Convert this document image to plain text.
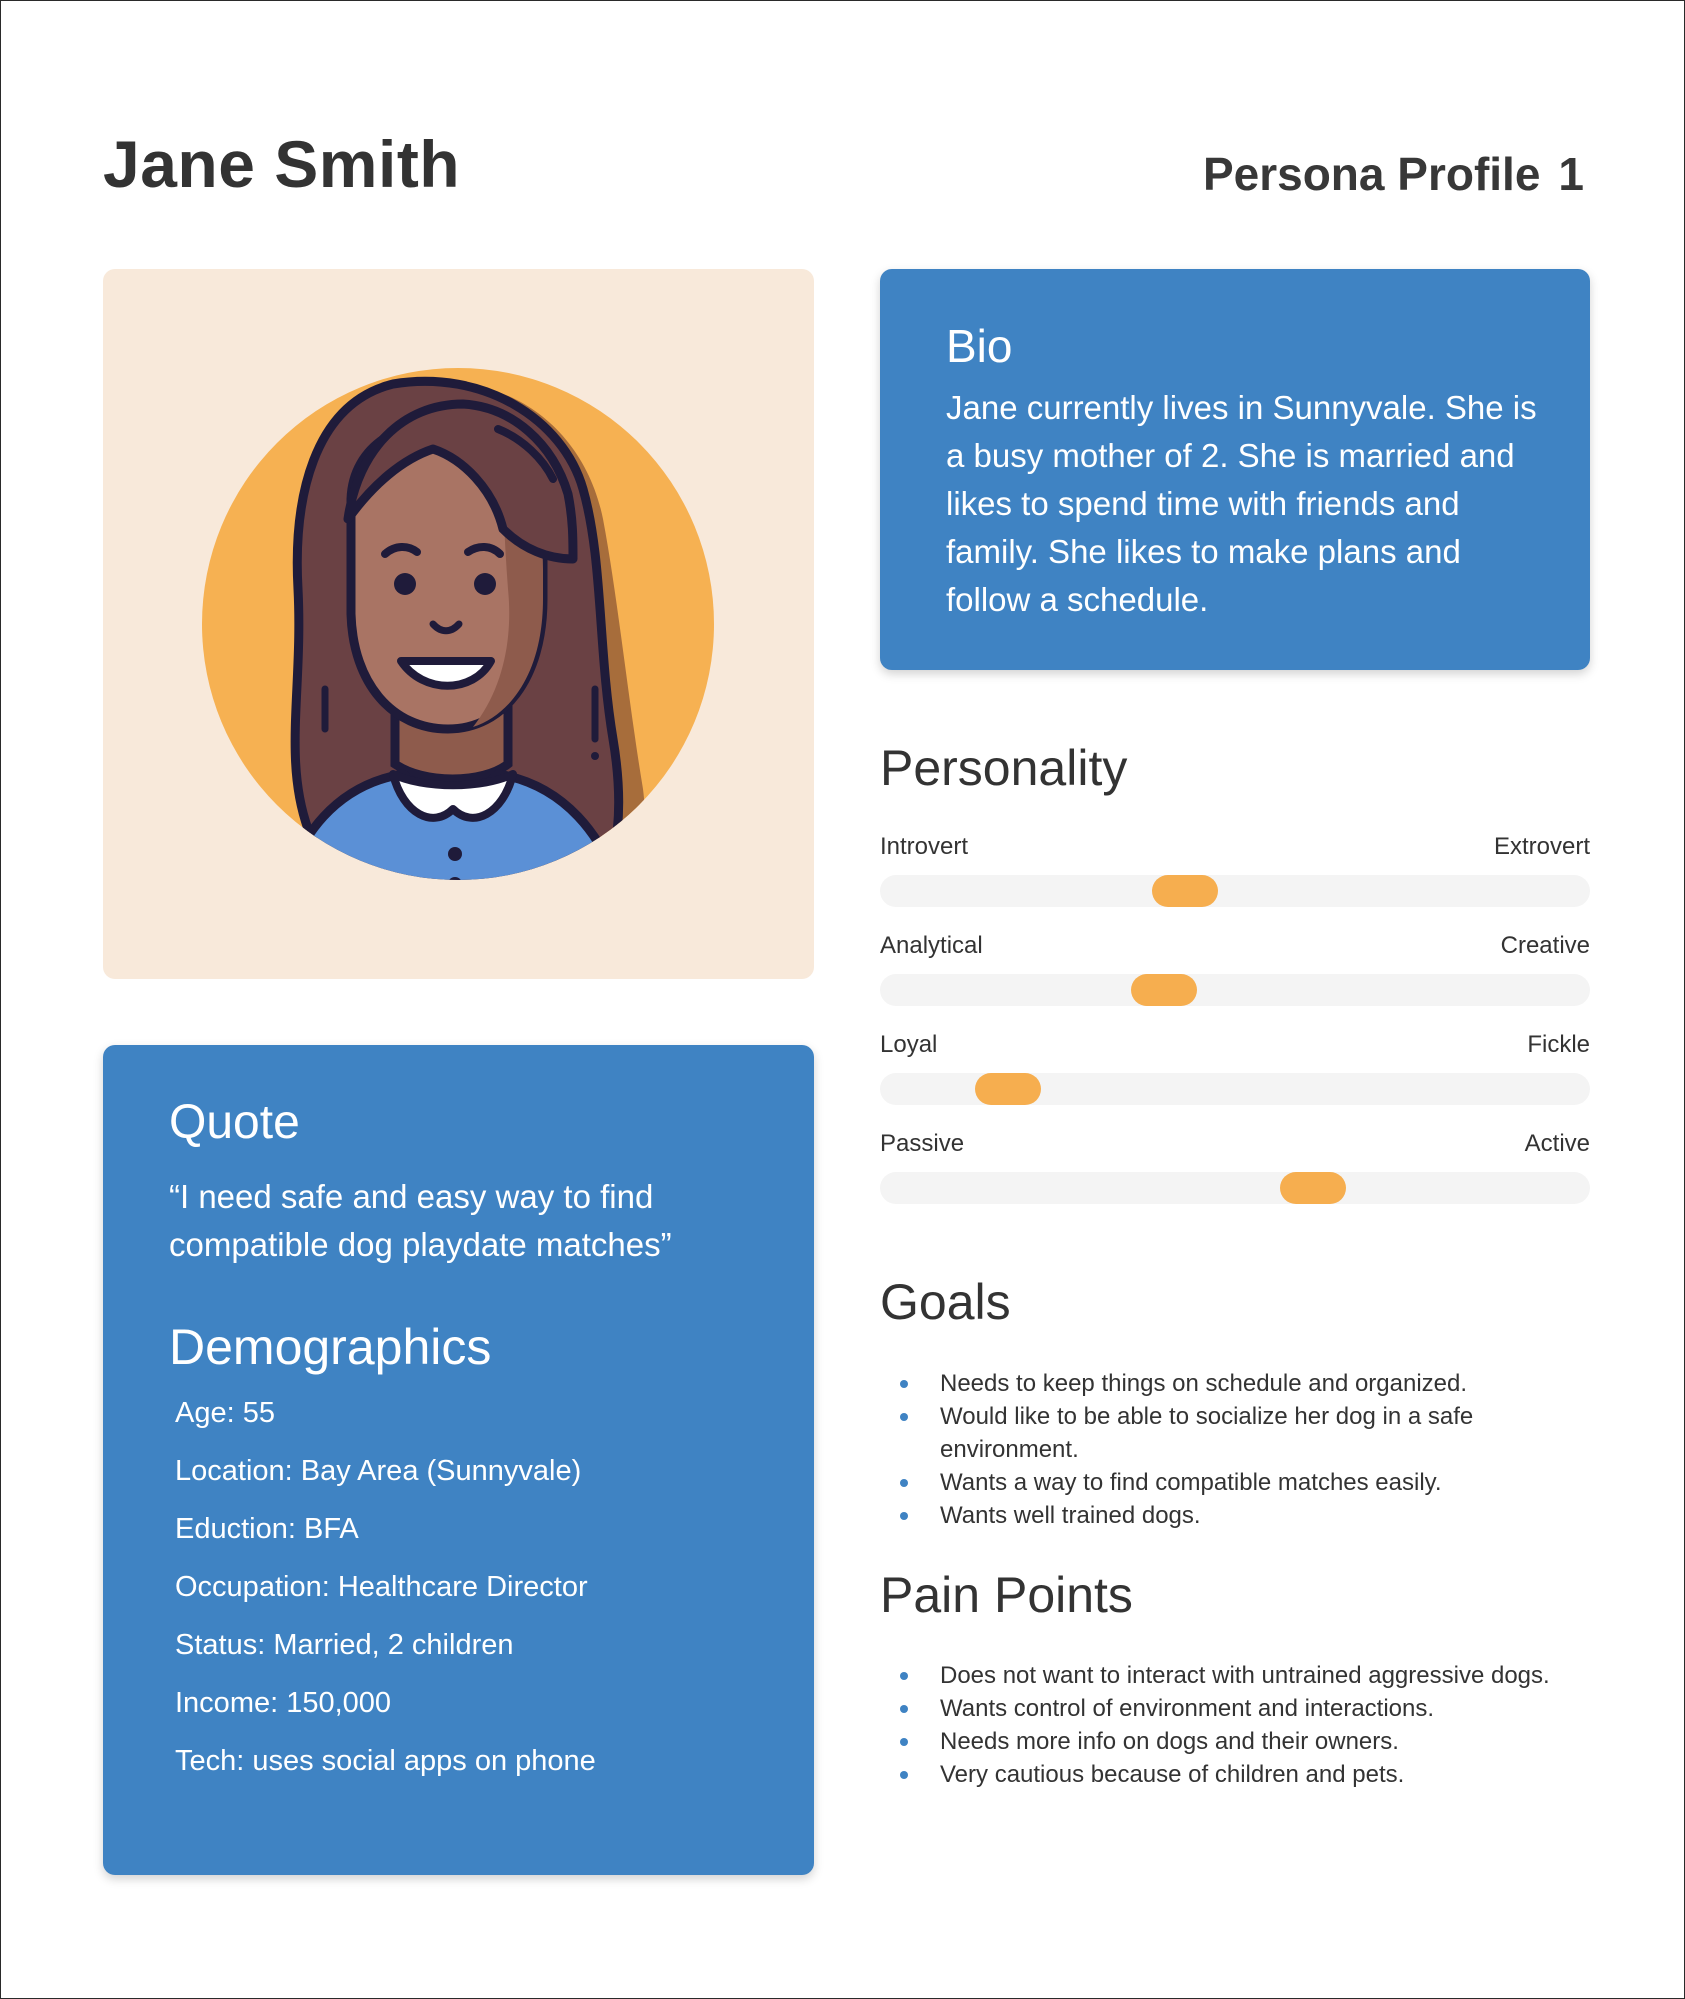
Jane Smith	Persona Profile 1
Bio

Jane currently lives in Sunnyvale. She is a busy mother of 2. She is married and likes to spend time with friends and family. She likes to make plans and follow a schedule.

Quote

“I need safe and easy way to find compatible dog playdate matches”

Demographics
Age: 55
Location: Bay Area (Sunnyvale)
Eduction: BFA
Occupation: Healthcare Director
Status: Married, 2 children
Income: 150,000
Tech: uses social apps on phone
Personality
Introvert	Extrovert
Analytical	Creative
Loyal	Fickle
Passive	Active
Goals
Needs to keep things on schedule and organized.
Would like to be able to socialize her dog in a safe environment.
Wants a way to find compatible matches easily.
Wants well trained dogs.
Pain Points
Does not want to interact with untrained aggressive dogs.
Wants control of environment and interactions.
Needs more info on dogs and their owners.
Very cautious because of children and pets.
